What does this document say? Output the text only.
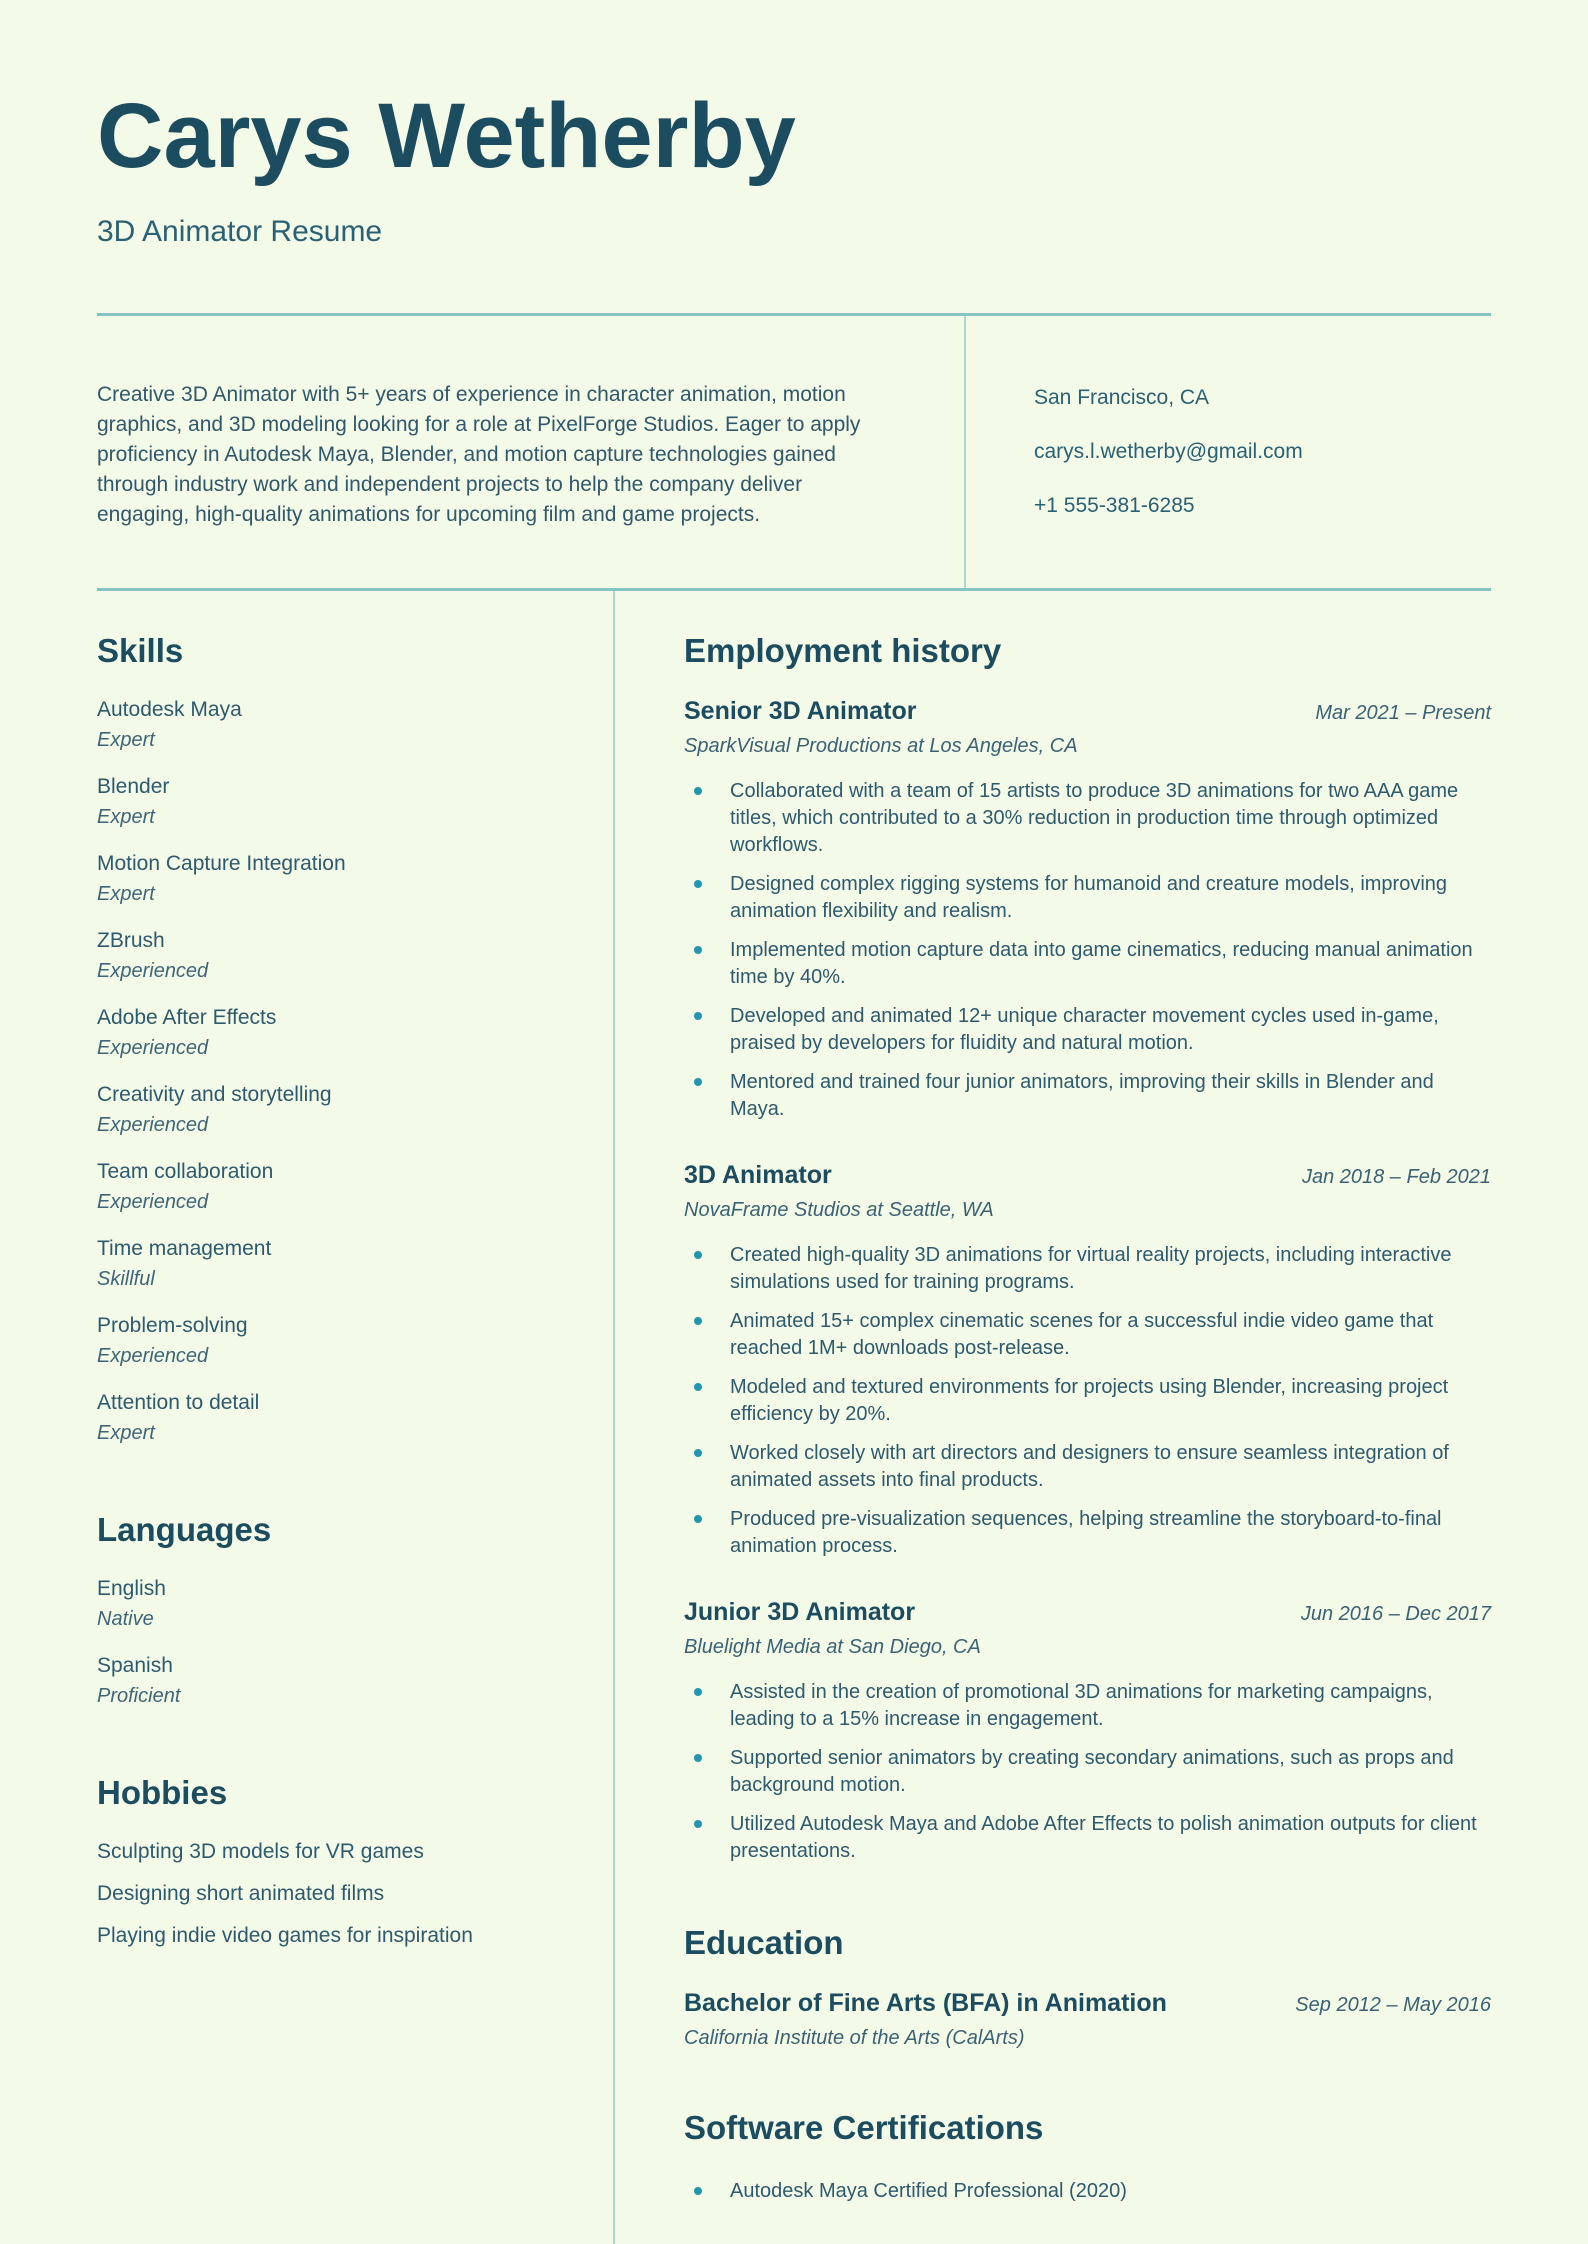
Carys Wetherby
3D Animator Resume

Creative 3D Animator with 5+ years of experience in character animation, motion graphics, and 3D modeling looking for a role at PixelForge Studios. Eager to apply proficiency in Autodesk Maya, Blender, and motion capture technologies gained through industry work and independent projects to help the company deliver engaging, high-quality animations for upcoming film and game projects.

San Francisco, CA
carys.l.wetherby@gmail.com
+1 555-381-6285
Skills
Autodesk Maya
Expert
Blender
Expert
Motion Capture Integration
Expert
ZBrush
Experienced
Adobe After Effects
Experienced
Creativity and storytelling
Experienced
Team collaboration
Experienced
Time management
Skillful
Problem-solving
Experienced
Attention to detail
Expert
Languages
English
Native
Spanish
Proficient
Hobbies
Sculpting 3D models for VR games
Designing short animated films
Playing indie video games for inspiration
Employment history
Senior 3D Animator	Mar 2021 – Present
SparkVisual Productions at Los Angeles, CA
Collaborated with a team of 15 artists to produce 3D animations for two AAA game titles, which contributed to a 30% reduction in production time through optimized workflows.
Designed complex rigging systems for humanoid and creature models, improving animation flexibility and realism.
Implemented motion capture data into game cinematics, reducing manual animation time by 40%.
Developed and animated 12+ unique character movement cycles used in-game, praised by developers for fluidity and natural motion.
Mentored and trained four junior animators, improving their skills in Blender and Maya.
3D Animator	Jan 2018 – Feb 2021
NovaFrame Studios at Seattle, WA
Created high-quality 3D animations for virtual reality projects, including interactive simulations used for training programs.
Animated 15+ complex cinematic scenes for a successful indie video game that reached 1M+ downloads post-release.
Modeled and textured environments for projects using Blender, increasing project efficiency by 20%.
Worked closely with art directors and designers to ensure seamless integration of animated assets into final products.
Produced pre-visualization sequences, helping streamline the storyboard-to-final animation process.
Junior 3D Animator	Jun 2016 – Dec 2017
Bluelight Media at San Diego, CA
Assisted in the creation of promotional 3D animations for marketing campaigns, leading to a 15% increase in engagement.
Supported senior animators by creating secondary animations, such as props and background motion.
Utilized Autodesk Maya and Adobe After Effects to polish animation outputs for client presentations.
Education
Bachelor of Fine Arts (BFA) in Animation	Sep 2012 – May 2016
California Institute of the Arts (CalArts)
Software Certifications
Autodesk Maya Certified Professional (2020)
